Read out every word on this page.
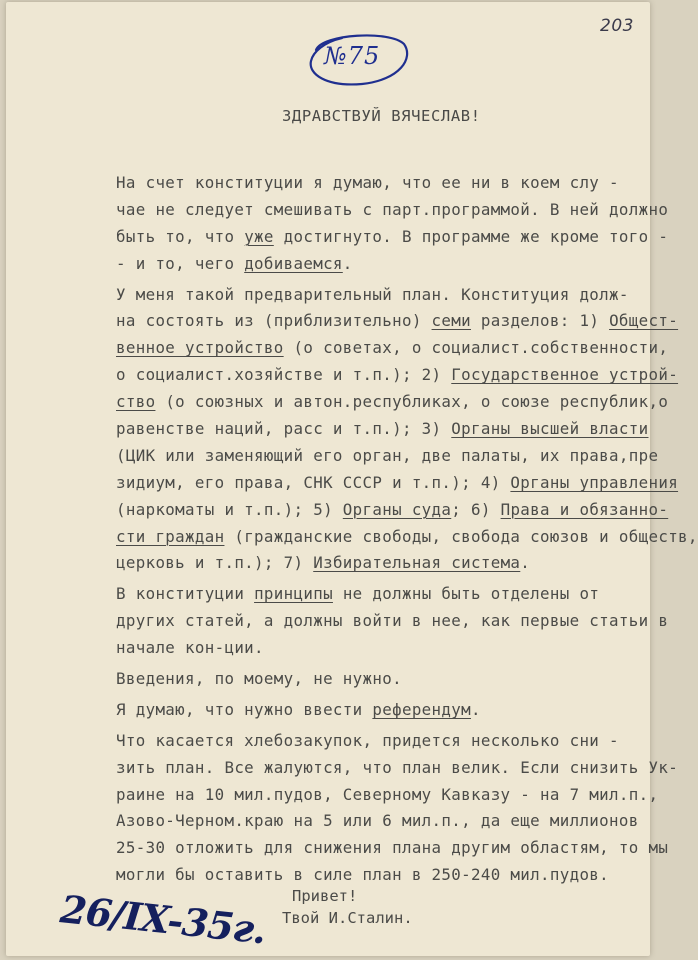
203
№75
ЗДРАВСТВУЙ ВЯЧЕСЛАВ!
На счет конституции я думаю, что ее ни в коем слу -
чае не следует смешивать с парт.программой. В ней должно
быть то, что уже достигнуто. В программе же кроме того -
- и то, чего добиваемся.
У меня такой предварительный план. Конституция долж-
на состоять из (приблизительно) семи разделов: 1) Общест-
венное устройство (о советах, о социалист.собственности,
о социалист.хозяйстве и т.п.); 2) Государственное устрой-
ство (о союзных и автон.республиках, о союзе республик,о
равенстве наций, расс и т.п.); 3) Органы высшей власти
(ЦИК или заменяющий его орган, две палаты, их права,пре
зидиум, его права, СНК СССР и т.п.); 4) Органы управления
(наркоматы и т.п.); 5) Органы суда; 6) Права и обязанно-
сти граждан (гражданские свободы, свобода союзов и обществ,
церковь и т.п.); 7) Избирательная система.
В конституции принципы не должны быть отделены от
других статей, а должны войти в нее, как первые статьи в
начале кон-ции.
Введения, по моему, не нужно.
Я думаю, что нужно ввести референдум.
Что касается хлебозакупок, придется несколько сни -
зить план. Все жалуются, что план велик. Если снизить Ук-
раине на 10 мил.пудов, Северному Кавказу - на 7 мил.п.,
Азово-Черном.краю на 5 или 6 мил.п., да еще миллионов
25-30 отложить для снижения плана другим областям, то мы
могли бы оставить в силе план в 250-240 мил.пудов.
Привет!
Твой И.Сталин.
26/IX-35г.
